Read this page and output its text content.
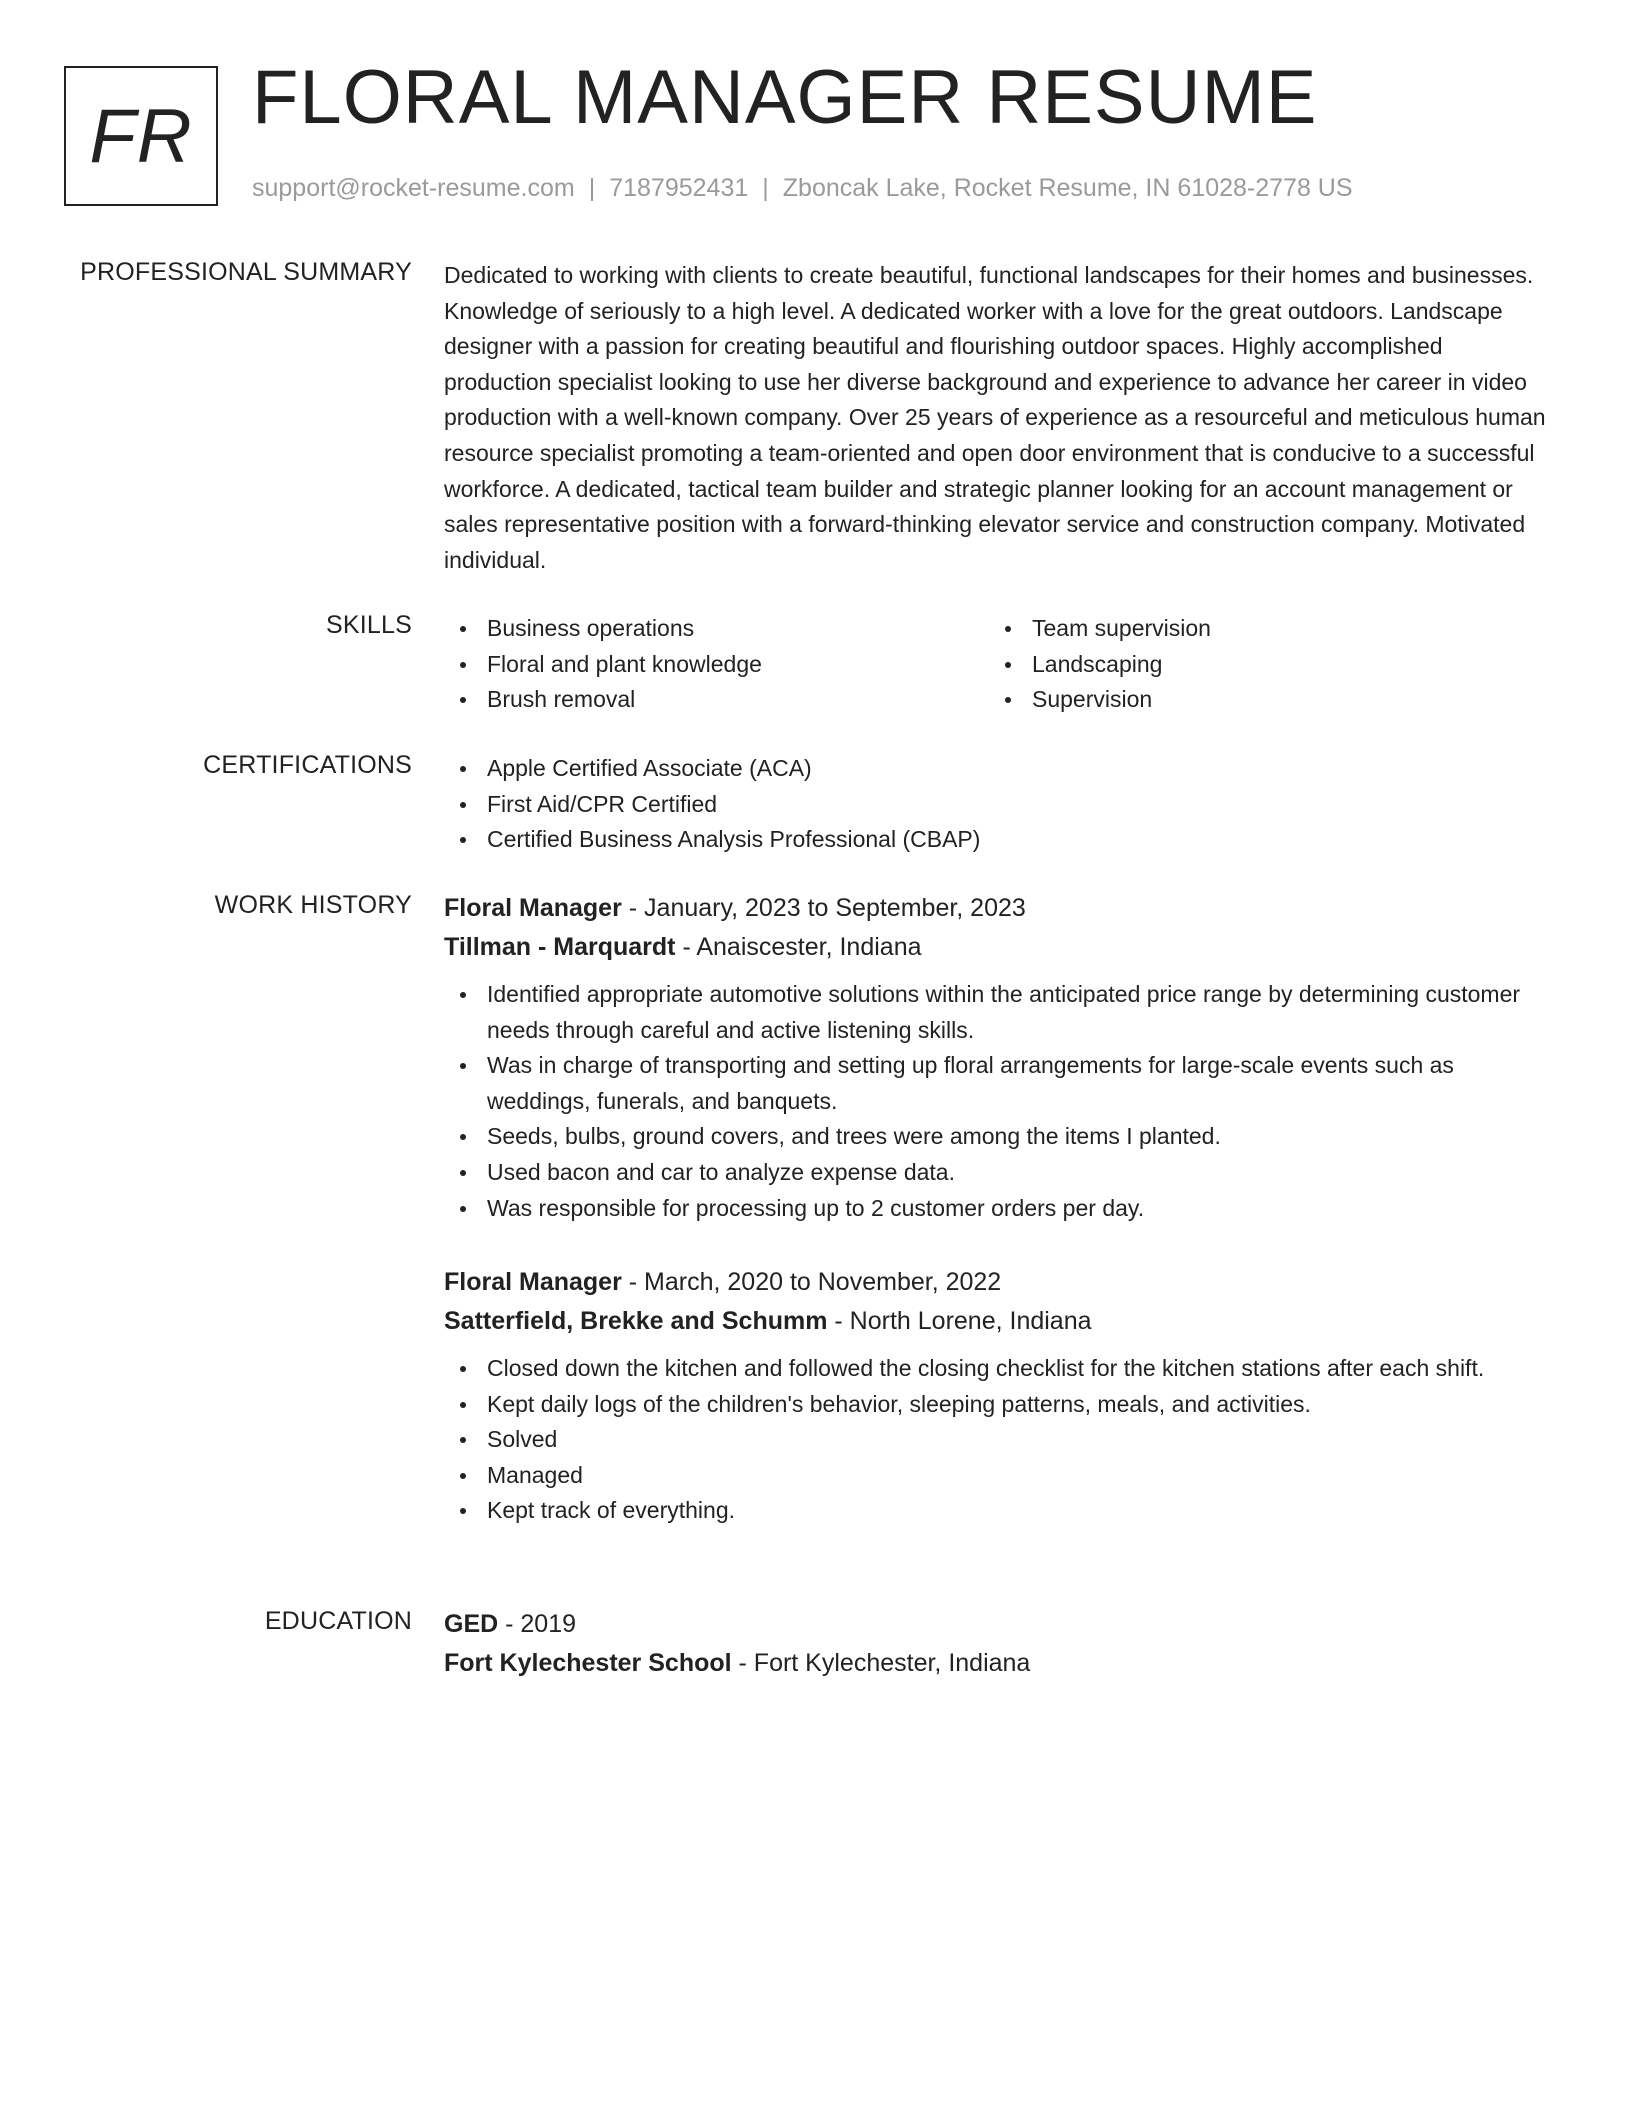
FR FLORAL MANAGER RESUME
support@rocket-resume.com | 7187952431 | Zboncak Lake, Rocket Resume, IN 61028-2778 US
PROFESSIONAL SUMMARY Dedicated to working with clients to create beautiful, functional landscapes for their homes and businesses. Knowledge of seriously to a high level. A dedicated worker with a love for the great outdoors. Landscape designer with a passion for creating beautiful and flourishing outdoor spaces. Highly accomplished production specialist looking to use her diverse background and experience to advance her career in video production with a well-known company. Over 25 years of experience as a resourceful and meticulous human resource specialist promoting a team-oriented and open door environment that is conducive to a successful workforce. A dedicated, tactical team builder and strategic planner looking for an account management or sales representative position with a forward-thinking elevator service and construction company. Motivated individual.
SKILLS	Business operations
Floral and plant knowledge
Brush removal
Team supervision
Landscaping
Supervision
CERTIFICATIONS	Apple Certified Associate (ACA)
First Aid/CPR Certified
Certified Business Analysis Professional (CBAP)
WORK HISTORY Floral Manager - January, 2023 to September, 2023
Tillman - Marquardt - Anaiscester, Indiana
Identified appropriate automotive solutions within the anticipated price range by determining customer needs through careful and active listening skills.
Was in charge of transporting and setting up floral arrangements for large-scale events such as weddings, funerals, and banquets.
Seeds, bulbs, ground covers, and trees were among the items I planted.
Used bacon and car to analyze expense data.
Was responsible for processing up to 2 customer orders per day.
Floral Manager - March, 2020 to November, 2022
Satterfield, Brekke and Schumm - North Lorene, Indiana
Closed down the kitchen and followed the closing checklist for the kitchen stations after each shift.
Kept daily logs of the children's behavior, sleeping patterns, meals, and activities.
Solved
Managed
Kept track of everything.
EDUCATION GED - 2019
Fort Kylechester School - Fort Kylechester, Indiana
